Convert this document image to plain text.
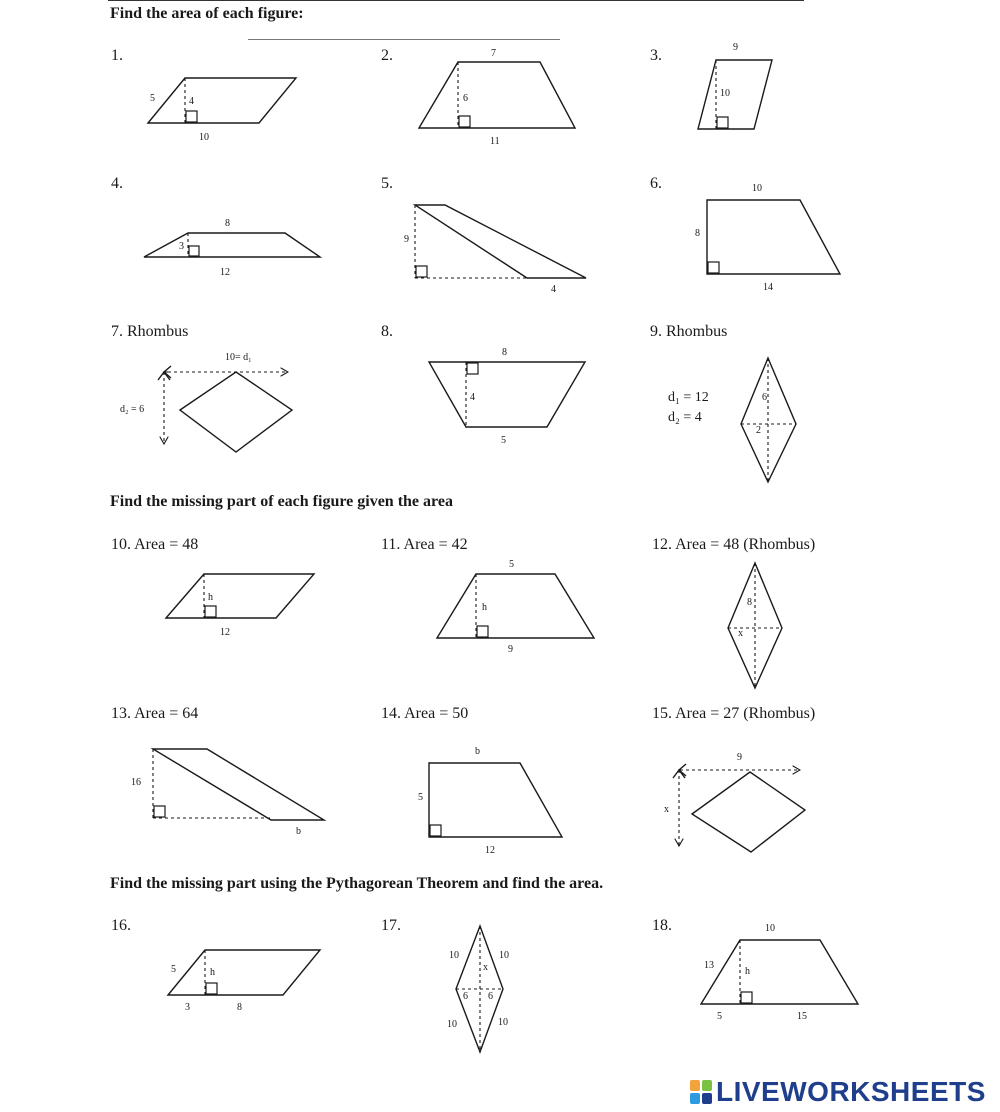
Find the area of each figure:
Find the missing part of each figure given the area
Find the missing part using the Pythagorean Theorem and find the area.
1.	2.	3.
4.	5.	6.
7. Rhombus	8.	9. Rhombus
10. Area = 48	11. Area = 42	12. Area = 48 (Rhombus)
13. Area = 64	14. Area = 50	15. Area = 27 (Rhombus)
16.	17.	18.
5	4
10
7
6
11
9
10
8
3
12
9
4
10
8
14
10= d₁
d₂ = 6
8
4
5
d₁ = 12
d₂ = 4
6
2
h
12
5
h
9
8
x
16
b
b
5
12
9
x
5	h
3	8
10	10
x
6 6
10	10
10
13
h
5	15
LIVEWORKSHEETS
